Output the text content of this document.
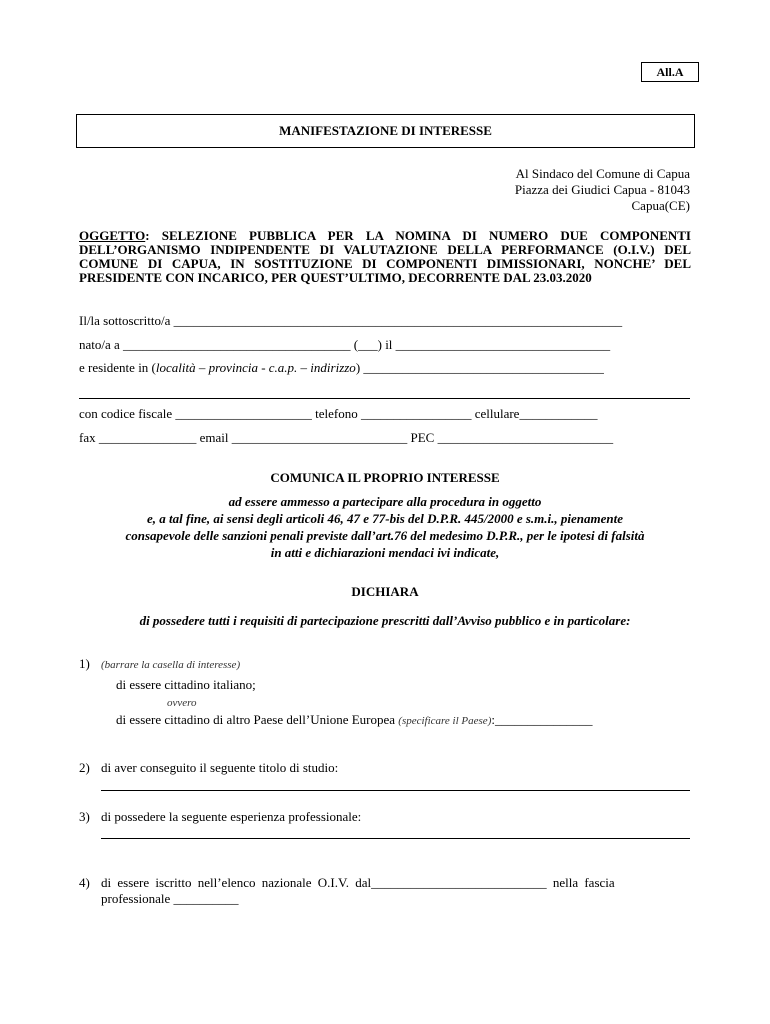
All.A
MANIFESTAZIONE DI INTERESSE
Al Sindaco del Comune di Capua
Piazza dei Giudici Capua - 81043
Capua(CE)
OGGETTO: SELEZIONE PUBBLICA PER LA NOMINA DI NUMERO DUE COMPONENTI DELL’ORGANISMO INDIPENDENTE DI VALUTAZIONE DELLA PERFORMANCE (O.I.V.) DEL COMUNE DI CAPUA, IN SOSTITUZIONE DI COMPONENTI DIMISSIONARI, NONCHE’ DEL PRESIDENTE CON INCARICO, PER QUEST’ULTIMO, DECORRENTE DAL 23.03.2020
Il/la sottoscritto/a _____________________________________________________________________
nato/a a ___________________________________ (___) il _________________________________
e residente in (località – provincia - c.a.p. – indirizzo) _____________________________________
con codice fiscale _____________________ telefono _________________ cellulare____________
fax _______________ email ___________________________ PEC ___________________________
COMUNICA IL PROPRIO INTERESSE
ad essere ammesso a partecipare alla procedura in oggetto
e, a tal fine, ai sensi degli articoli 46, 47 e 77-bis del D.P.R. 445/2000 e s.m.i., pienamente
consapevole delle sanzioni penali previste dall’art.76 del medesimo D.P.R., per le ipotesi di falsità
in atti e dichiarazioni mendaci ivi indicate,
DICHIARA
di possedere tutti i requisiti di partecipazione prescritti dall’Avviso pubblico e in particolare:
1) (barrare la casella di interesse)
di essere cittadino italiano;
ovvero
di essere cittadino di altro Paese dell’Unione Europea (specificare il Paese):_______________
2) di aver conseguito il seguente titolo di studio:
3) di possedere la seguente esperienza professionale:
4) di essere iscritto nell’elenco nazionale O.I.V. dal___________________________ nella fascia
professionale __________
